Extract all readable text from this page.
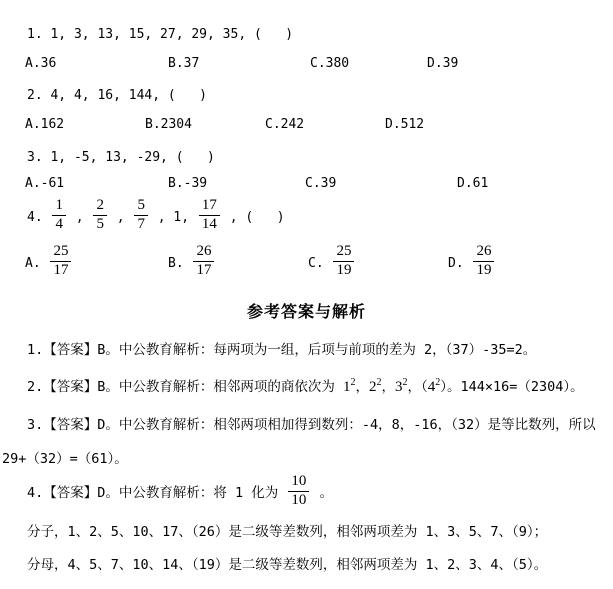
1. 1, 3, 13, 15, 27, 29, 35, (   )
A.36	B.37	C.380	D.39
2. 4, 4, 16, 144, (   )
A.162	B.2304	C.242	D.512
3. 1, -5, 13, -29, (   )
A.-61	B.-39	C.39	D.61
4. $\frac{1}{4}$ , $\frac{2}{5}$ , $\frac{5}{7}$ , 1, $\frac{17}{14}$ , (   )
A. $\frac{25}{17}$	B. $\frac{26}{17}$	C. $\frac{25}{19}$	D. $\frac{26}{19}$
参考答案与解析
1.【答案】B。中公教育解析：每两项为一组，后项与前项的差为 2，（37）-35=2。
2.【答案】B。中公教育解析：相邻两项的商依次为 $1^2$，$2^2$，$3^2$，$(4^2)$。144×16=（2304）。
3.【答案】D。中公教育解析：相邻两项相加得到数列：-4，8，-16，（32）是等比数列，所以
29+（32）=（61）。
4.【答案】D。中公教育解析：将 1 化为 $\frac{10}{10}$ 。
分子，1、2、5、10、17、（26）是二级等差数列，相邻两项差为 1、3、5、7、（9）；
分母，4、5、7、10、14、（19）是二级等差数列，相邻两项差为 1、2、3、4、（5）。
